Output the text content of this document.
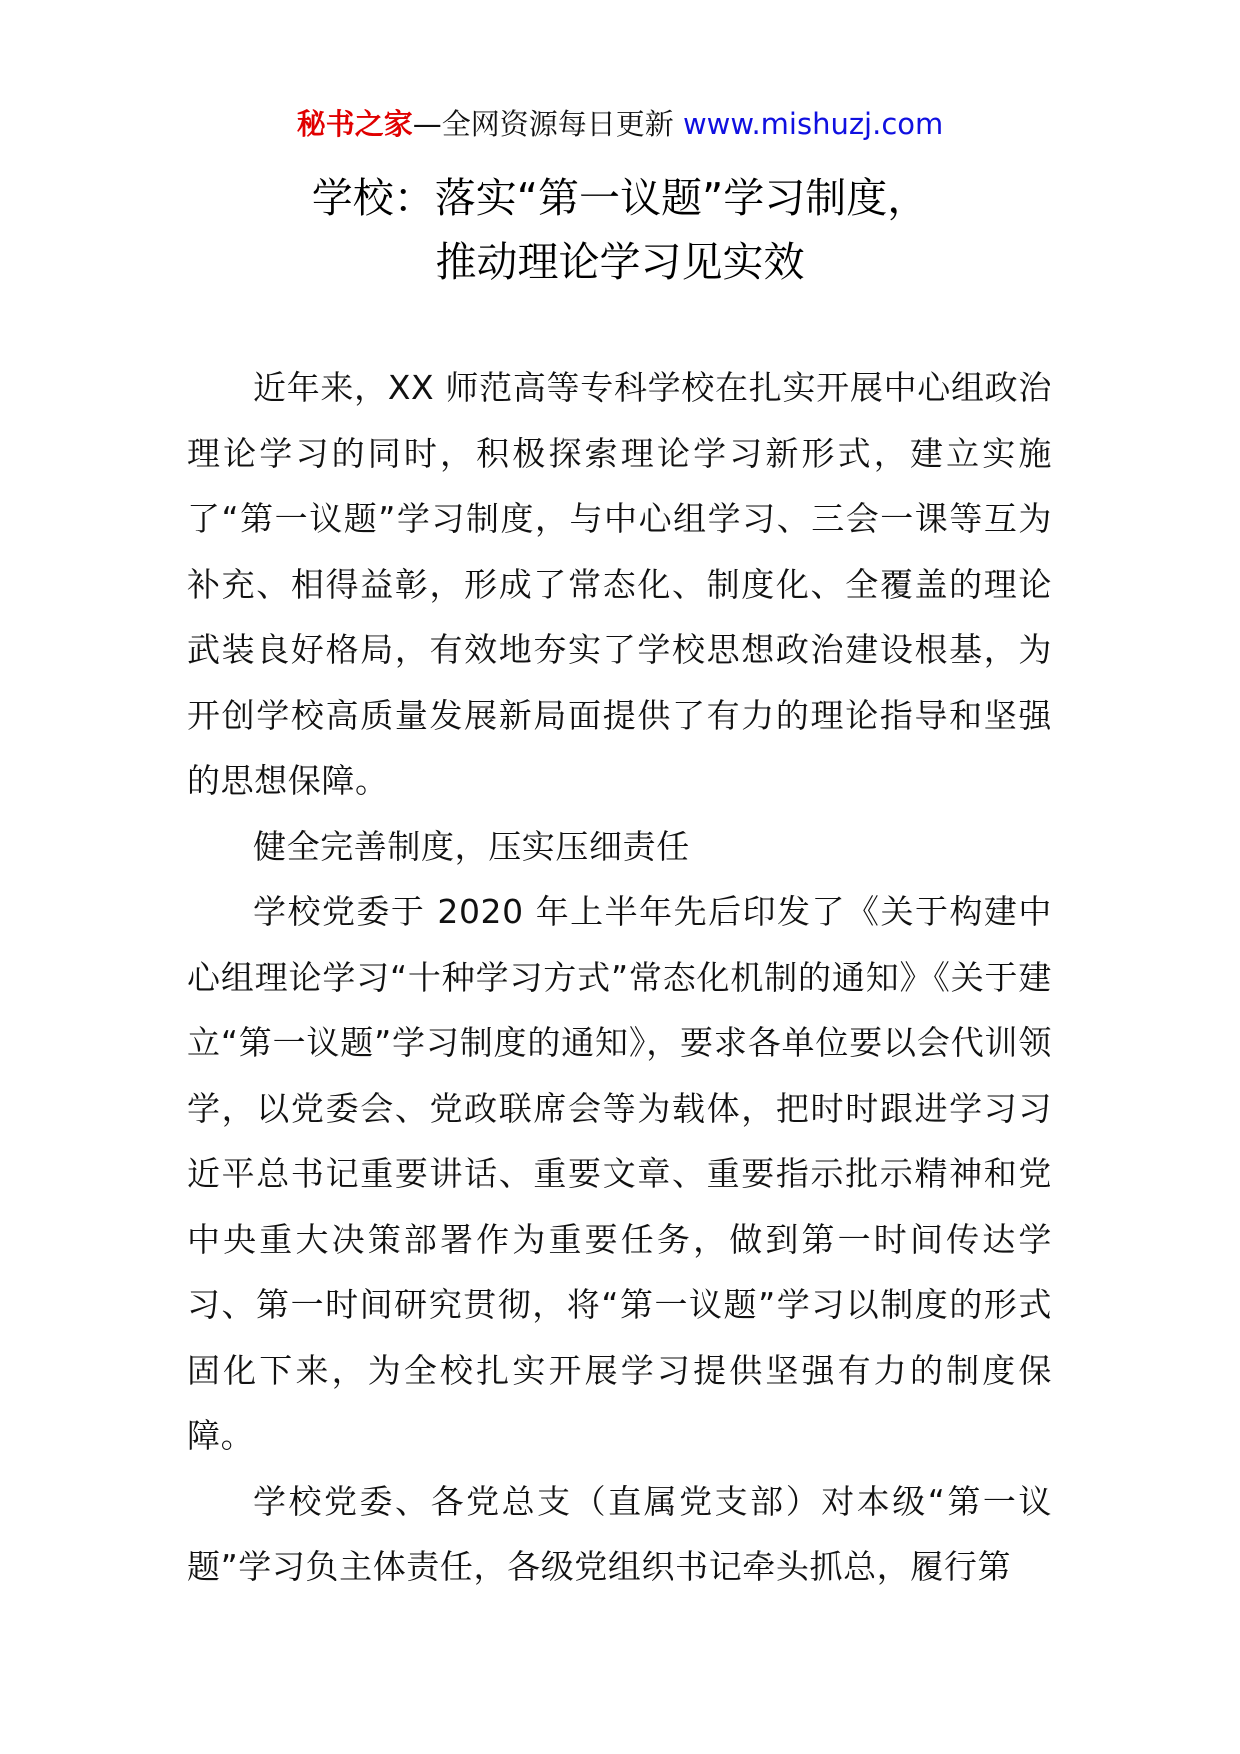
秘书之家—全网资源每日更新 www.mishuzj.com
学校：落实“第一议题”学习制度，
推动理论学习见实效

近年来，XX 师范高等专科学校在扎实开展中心组政治理论学习的同时，积极探索理论学习新形式，建立实施了“第一议题”学习制度，与中心组学习、三会一课等互为补充、相得益彰，形成了常态化、制度化、全覆盖的理论武装良好格局，有效地夯实了学校思想政治建设根基，为开创学校高质量发展新局面提供了有力的理论指导和坚强的思想保障。

健全完善制度，压实压细责任

学校党委于 2020 年上半年先后印发了《关于构建中心组理论学习“十种学习方式”常态化机制的通知》《关于建立“第一议题”学习制度的通知》，要求各单位要以会代训领学，以党委会、党政联席会等为载体，把时时跟进学习习近平总书记重要讲话、重要文章、重要指示批示精神和党中央重大决策部署作为重要任务，做到第一时间传达学习、第一时间研究贯彻，将“第一议题”学习以制度的形式固化下来，为全校扎实开展学习提供坚强有力的制度保障。

学校党委、各党总支（直属党支部）对本级“第一议题”学习负主体责任，各级党组织书记牵头抓总，履行第
